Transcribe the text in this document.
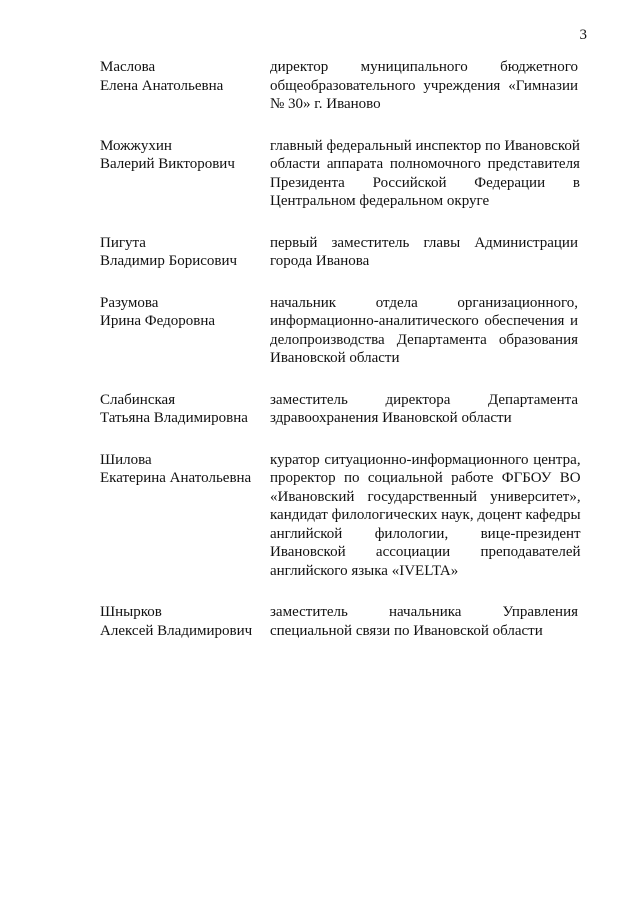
3
Маслова
Елена Анатольевна
директор муниципального бюджетного
общеобразовательного учреждения «Гимназии
№ 30» г. Иваново
Можжухин
Валерий Викторович
главный федеральный инспектор по Ивановской
области аппарата полномочного представителя
Президента Российской Федерации в
Центральном федеральном округе
Пигута
Владимир Борисович
первый заместитель главы Администрации
города Иванова
Разумова
Ирина Федоровна
начальник отдела организационного,
информационно-аналитического обеспечения и
делопроизводства Департамента образования
Ивановской области
Слабинская
Татьяна Владимировна
заместитель директора Департамента
здравоохранения Ивановской области
Шилова
Екатерина Анатольевна
куратор ситуационно-информационного центра,
проректор по социальной работе ФГБОУ ВО
«Ивановский государственный университет»,
кандидат филологических наук, доцент кафедры
английской филологии, вице-президент
Ивановской ассоциации преподавателей
английского языка «IVELTA»
Шнырков
Алексей Владимирович
заместитель начальника Управления
специальной связи по Ивановской области
